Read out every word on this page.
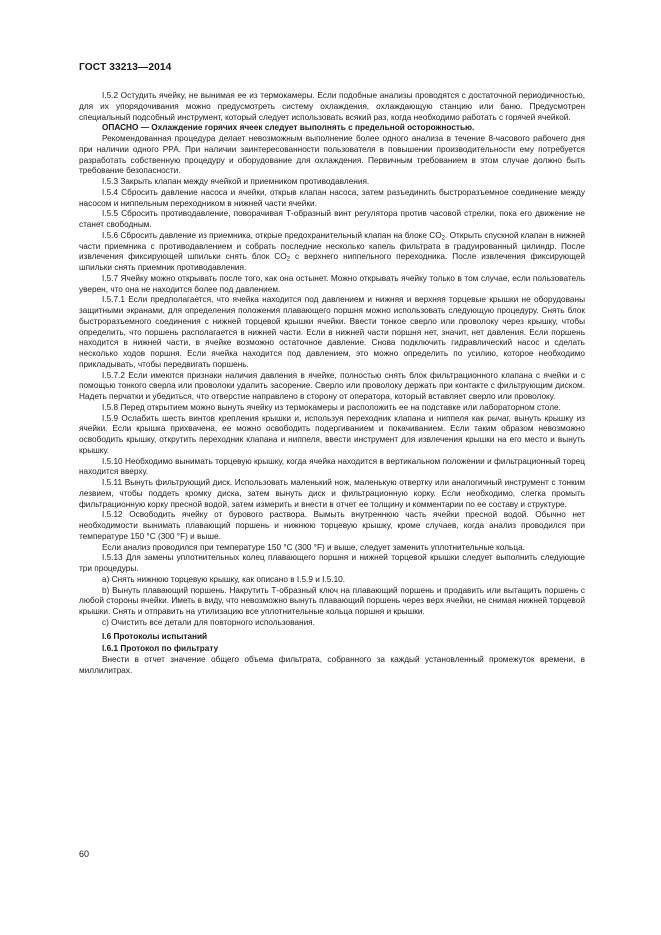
ГОСТ 33213—2014

I.5.2 Остудить ячейку, не вынимая ее из термокамеры. Если подобные анализы проводятся с достаточной периодичностью, для их упорядочивания можно предусмотреть систему охлаждения, охлаждающую станцию или баню. Предусмотрен специальный подсобный инструмент, который следует использовать всякий раз, когда необходимо работать с горячей ячейкой.

ОПАСНО — Охлаждение горячих ячеек следует выполнять с предельной осторожностью.

Рекомендованная процедура делает невозможным выполнение более одного анализа в течение 8-часового рабочего дня при наличии одного РРА. При наличии заинтересованности пользователя в повышении производительности ему потребуется разработать собственную процедуру и оборудование для охлаждения. Первичным требованием в этом случае должно быть требование безопасности.

I.5.3 Закрыть клапан между ячейкой и приемником противодавления.

I.5.4 Сбросить давление насоса и ячейки, открыв клапан насоса, затем разъединить быстроразъемное соединение между насосом и ниппельным переходником в нижней части ячейки.

I.5.5 Сбросить противодавление, поворачивая Т-образный винт регулятора против часовой стрелки, пока его движение не станет свободным.

I.5.6 Сбросить давление из приемника, открые предохранительный клапан на блоке $CO_2$. Открыть спускной клапан в нижней части приемника с противодавлением и собрать последние несколько капель фильтрата в градуированный цилиндр. После извлечения фиксирующей шпильки снять блок $CO_2$ с верхнего ниппельного переходника. После извлечения фиксирующей шпильки снять приемник противодавления.

I.5.7 Ячейку можно открывать после того, как она остынет. Можно открывать ячейку только в том случае, если пользователь уверен, что она не находится более под давлением.

I.5.7.1 Если предполагается, что ячейка находится под давлением и нижняя и верхняя торцевые крышки не оборудованы защитными экранами, для определения положения плавающего поршня можно использовать следующую процедуру. Снять блок быстроразъемного соединения с нижней торцевой крышки ячейки. Ввести тонкое сверло или проволоку через крышку, чтобы определить, что поршень располагается в нижней части. Если в нижней части поршня нет, значит, нет давления. Если поршень находится в нижней части, в ячейке возможно остаточное давление. Снова подключить гидравлический насос и сделать несколько ходов поршня. Если ячейка находится под давлением, это можно определить по усилию, которое необходимо прикладывать, чтобы передвигать поршень.

I.5.7.2 Если имеются признаки наличия давления в ячейке, полностью снять блок фильтрационного клапана с ячейки и с помощью тонкого сверла или проволоки удалить засорение. Сверло или проволоку держать при контакте с фильтрующим диском. Надеть перчатки и убедиться, что отверстие направлено в сторону от оператора, который вставляет сверло или проволоку.

I.5.8 Перед открытием можно вынуть ячейку из термокамеры и расположить ее на подставке или лабораторном столе.

I.5.9 Ослабить шесть винтов крепления крышки и, используя переходник клапана и ниппеля как рычаг, вынуть крышку из ячейки. Если крышка прихвачена, ее можно освободить подергиванием и покачиванием. Если таким образом невозможно освободить крышку, открутить переходник клапана и ниппеля, ввести инструмент для извлечения крышки на его место и вынуть крышку.

I.5.10 Необходимо вынимать торцевую крышку, когда ячейка находится в вертикальном положении и фильтрационный торец находится вверху.

I.5.11 Вынуть фильтрующий диск. Использовать маленький нож, маленькую отвертку или аналогичный инструмент с тонким лезвием, чтобы поддеть кромку диска, затем вынуть диск и фильтрационную корку. Если необходимо, слегка промыть фильтрационную корку пресной водой, затем измерить и внести в отчет ее толщину и комментарии по ее составу и структуре.

I.5.12 Освободить ячейку от бурового раствора. Вымыть внутреннюю часть ячейки пресной водой. Обычно нет необходимости вынимать плавающий поршень и нижнюю торцевую крышку, кроме случаев, когда анализ проводился при температуре 150 °С (300 °F) и выше.

Если анализ проводился при температуре 150 °С (300 °F) и выше, следует заменить уплотнительные кольца.

I.5.13 Для замены уплотнительных колец плавающего поршня и нижней торцевой крышки следует выполнить следующие три процедуры.

a) Снять нижнюю торцевую крышку, как описано в I.5.9 и I.5.10.

b) Вынуть плавающий поршень. Накрутить Т-образный ключ на плавающий поршень и продавить или вытащить поршень с любой стороны ячейки. Иметь в виду, что невозможно вынуть плавающий поршень через верх ячейки, не снимая нижней торцевой крышки. Снять и отправить на утилизацию все уплотнительные кольца поршня и крышки.

c) Очистить все детали для повторного использования.

I.6 Протоколы испытаний

I.6.1 Протокол по фильтрату

Внести в отчет значение общего объема фильтрата, собранного за каждый установленный промежуток времени, в миллилитрах.

60
